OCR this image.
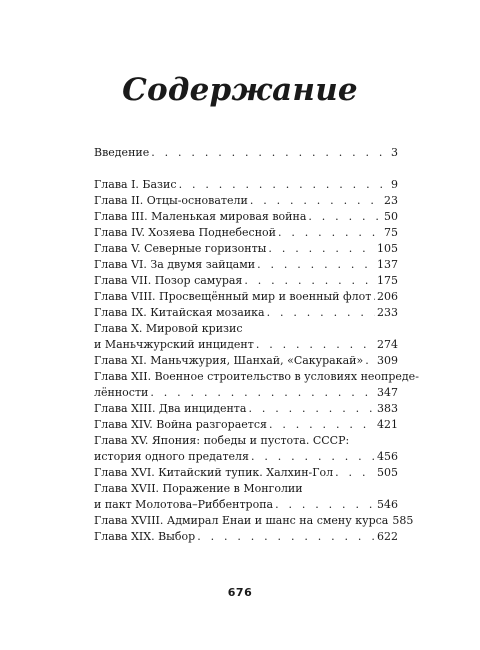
Содержание
Введение . . .	3
Глава I. Базис . . .	9
Глава II. Отцы-основатели . . .	23
Глава III. Маленькая мировая война . . .	50
Глава IV. Хозяева Поднебесной . . .	75
Глава V. Северные горизонты . . .	105
Глава VI. За двумя зайцами . . .	137
Глава VII. Позор самурая . . .	175
Глава VIII. Просвещённый мир и военный флот . . . 206
Глава IX. Китайская мозаика . . .	233
Глава X. Мировой кризис
и Маньчжурский инцидент . . .	274
Глава XI. Маньчжурия, Шанхай, «Сакуракай» . . . 309
Глава XII. Военное строительство в условиях неопреде-
лённости . . .	347
Глава XIII. Два инцидента . . .	383
Глава XIV. Война разгорается . . .	421
Глава XV. Япония: победы и пустота. СССР:
история одного предателя . . .	456
Глава XVI. Китайский тупик. Халхин-Гол . . .	505
Глава XVII. Поражение в Монголии
и пакт Молотова–Риббентропа . . .	546
Глава XVIII. Адмирал Енаи и шанс на смену курса 585
Глава XIX. Выбор . . .	622
676
